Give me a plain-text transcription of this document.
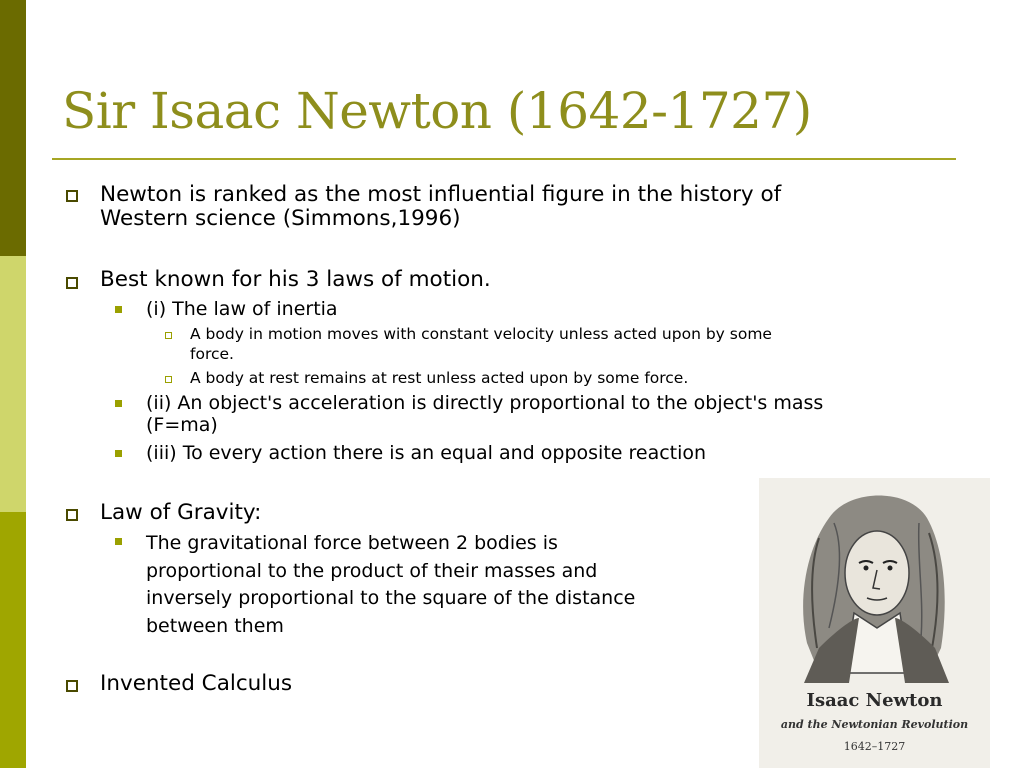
Sir Isaac Newton (1642-1727)
Newton is ranked as the most influential figure in the history of
Western science (Simmons,1996)
Best known for his 3 laws of motion.
(i) The law of inertia
A body in motion moves with constant velocity unless acted upon by some
force.
A body at rest remains at rest unless acted upon by some force.
(ii) An object's acceleration is directly proportional to the object's mass
(F=ma)
(iii) To every action there is an equal and opposite reaction
Law of Gravity:
The gravitational force between 2 bodies is
proportional to the product of their masses and
inversely proportional to the square of the distance
between them
Invented Calculus
Isaac Newton
and the Newtonian Revolution
1642–1727
